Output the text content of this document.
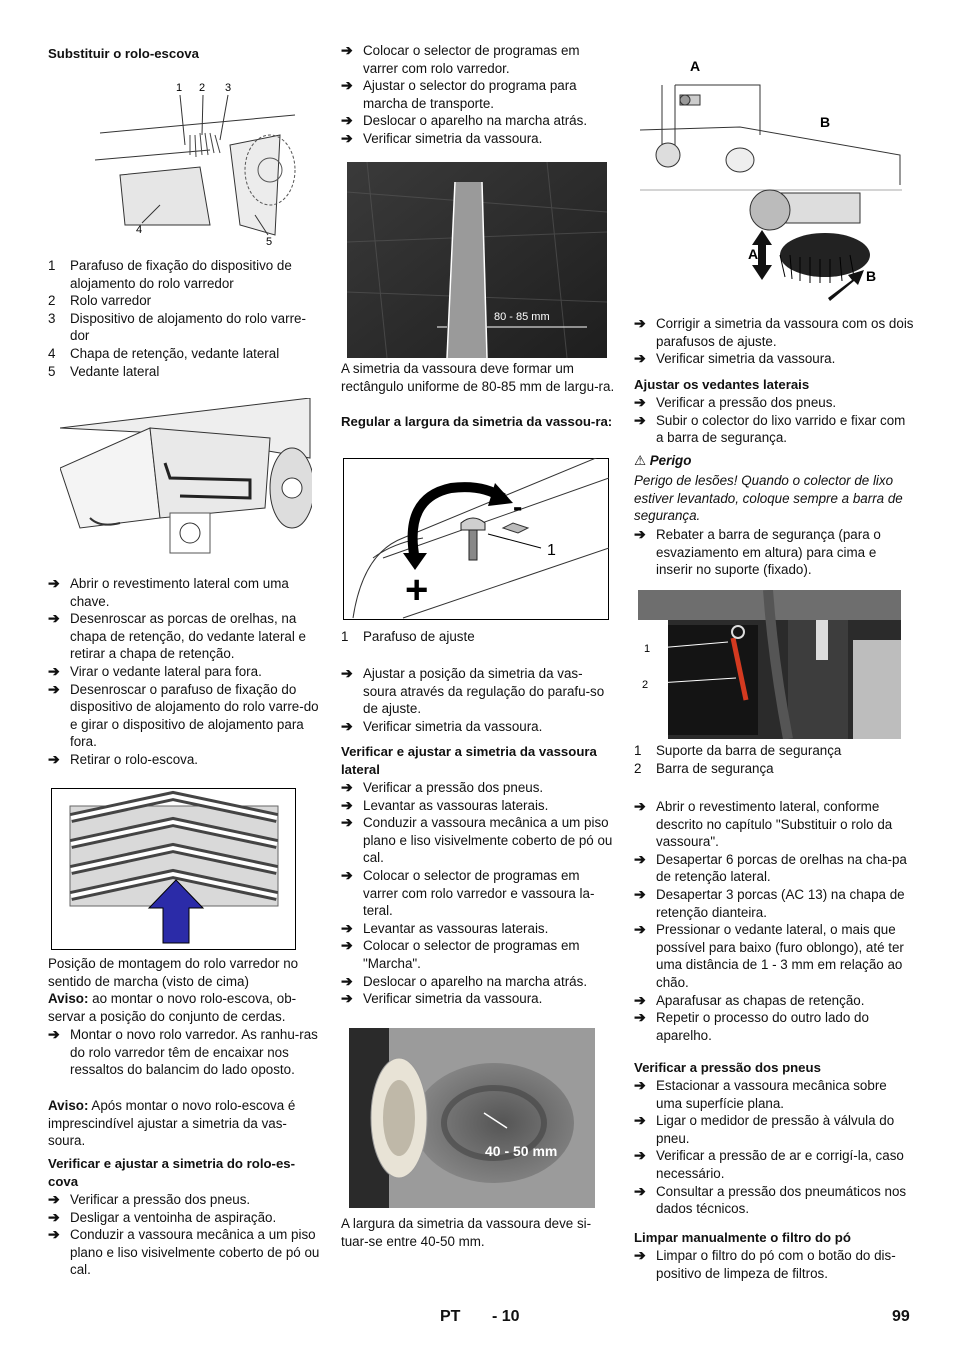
Substituir o rolo-escova
1 2 3
4
5
1	Parafuso de fixação do dispositivo de alojamento do rolo varredor
2	Rolo varredor
3	Dispositivo de alojamento do rolo varre-dor
4	Chapa de retenção, vedante lateral
5	Vedante lateral
➔ Abrir o revestimento lateral com uma chave.
➔ Desenroscar as porcas de orelhas, na chapa de retenção, do vedante lateral e retirar a chapa de retenção.
➔ Virar o vedante lateral para fora.
➔ Desenroscar o parafuso de fixação do dispositivo de alojamento do rolo varre-do e girar o dispositivo de alojamento para fora.
➔ Retirar o rolo-escova.
Posição de montagem do rolo varredor no sentido de marcha (visto de cima)
Aviso: ao montar o novo rolo-escova, ob-servar a posição do conjunto de cerdas.
➔ Montar o novo rolo varredor. As ranhu-ras do rolo varredor têm de encaixar nos ressaltos do balancim do lado oposto.
Aviso: Após montar o novo rolo-escova é imprescindível ajustar a simetria da vas-soura.
Verificar e ajustar a simetria do rolo-es-cova
➔ Verificar a pressão dos pneus.
➔ Desligar a ventoinha de aspiração.
➔ Conduzir a vassoura mecânica a um piso plano e liso visivelmente coberto de pó ou cal.
➔ Colocar o selector de programas em varrer com rolo varredor.
➔ Ajustar o selector do programa para marcha de transporte.
➔ Deslocar o aparelho na marcha atrás.
➔ Verificar simetria da vassoura.
80 - 85 mm
A simetria da vassoura deve formar um rectângulo uniforme de 80-85 mm de largu-ra.
Regular a largura da simetria da vassou-ra:
-
+
1
1	Parafuso de ajuste
➔ Ajustar a posição da simetria da vas-soura através da regulação do parafu-so de ajuste.
➔ Verificar simetria da vassoura.
Verificar e ajustar a simetria da vassoura lateral
➔ Verificar a pressão dos pneus.
➔ Levantar as vassouras laterais.
➔ Conduzir a vassoura mecânica a um piso plano e liso visivelmente coberto de pó ou cal.
➔ Colocar o selector de programas em varrer com rolo varredor e vassoura la-teral.
➔ Levantar as vassouras laterais.
➔ Colocar o selector de programas em "Marcha".
➔ Deslocar o aparelho na marcha atrás.
➔ Verificar simetria da vassoura.
40 - 50 mm
A largura da simetria da vassoura deve si-tuar-se entre 40-50 mm.
A
B
A
B
➔ Corrigir a simetria da vassoura com os dois parafusos de ajuste.
➔ Verificar simetria da vassoura.
Ajustar os vedantes laterais
➔ Verificar a pressão dos pneus.
➔ Subir o colector do lixo varrido e fixar com a barra de segurança.
⚠ Perigo
Perigo de lesões! Quando o colector de lixo estiver levantado, coloque sempre a barra de segurança.
➔ Rebater a barra de segurança (para o esvaziamento em altura) para cima e inserir no suporte (fixado).
1
2
1	Suporte da barra de segurança
2	Barra de segurança
➔ Abrir o revestimento lateral, conforme descrito no capítulo "Substituir o rolo da vassoura".
➔ Desapertar 6 porcas de orelhas na cha-pa de retenção lateral.
➔ Desapertar 3 porcas (AC 13) na chapa de retenção dianteira.
➔ Pressionar o vedante lateral, o mais que possível para baixo (furo oblongo), até ter uma distância de 1 - 3 mm em relação ao chão.
➔ Aparafusar as chapas de retenção.
➔ Repetir o processo do outro lado do aparelho.
Verificar a pressão dos pneus
➔ Estacionar a vassoura mecânica sobre uma superfície plana.
➔ Ligar o medidor de pressão à válvula do pneu.
➔ Verificar a pressão de ar e corrigí-la, caso necessário.
➔ Consultar a pressão dos pneumáticos nos dados técnicos.
Limpar manualmente o filtro do pó
➔ Limpar o filtro do pó com o botão do dis-positivo de limpeza de filtros.
PT - 10	99
